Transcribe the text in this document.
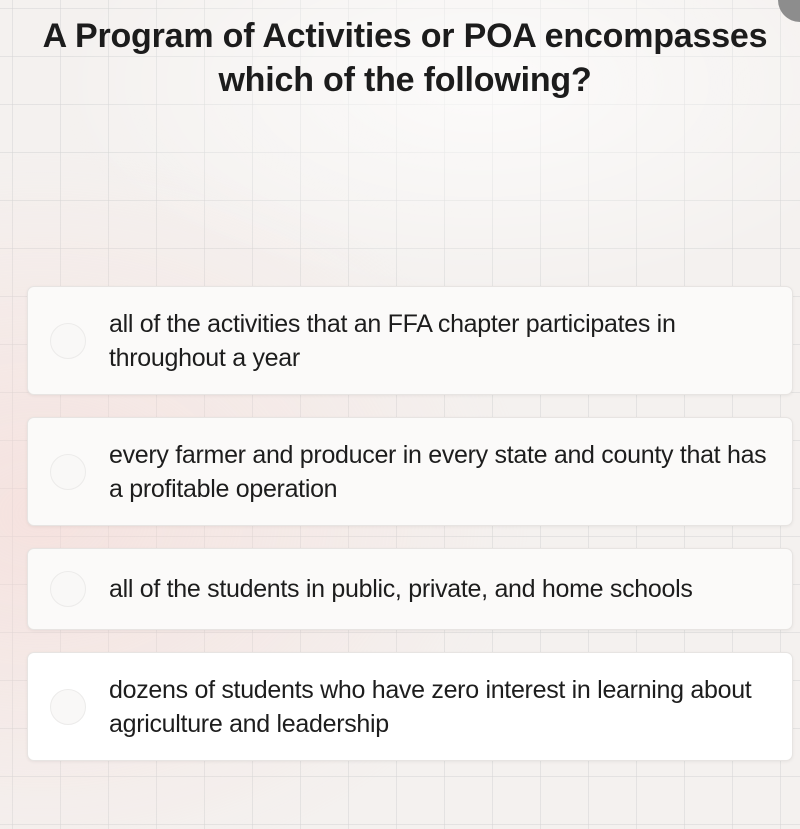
A Program of Activities or POA encompasses which of the following?
all of the activities that an FFA chapter participates in throughout a year
every farmer and producer in every state and county that has a profitable operation
all of the students in public, private, and home schools
dozens of students who have zero interest in learning about agriculture and leadership
